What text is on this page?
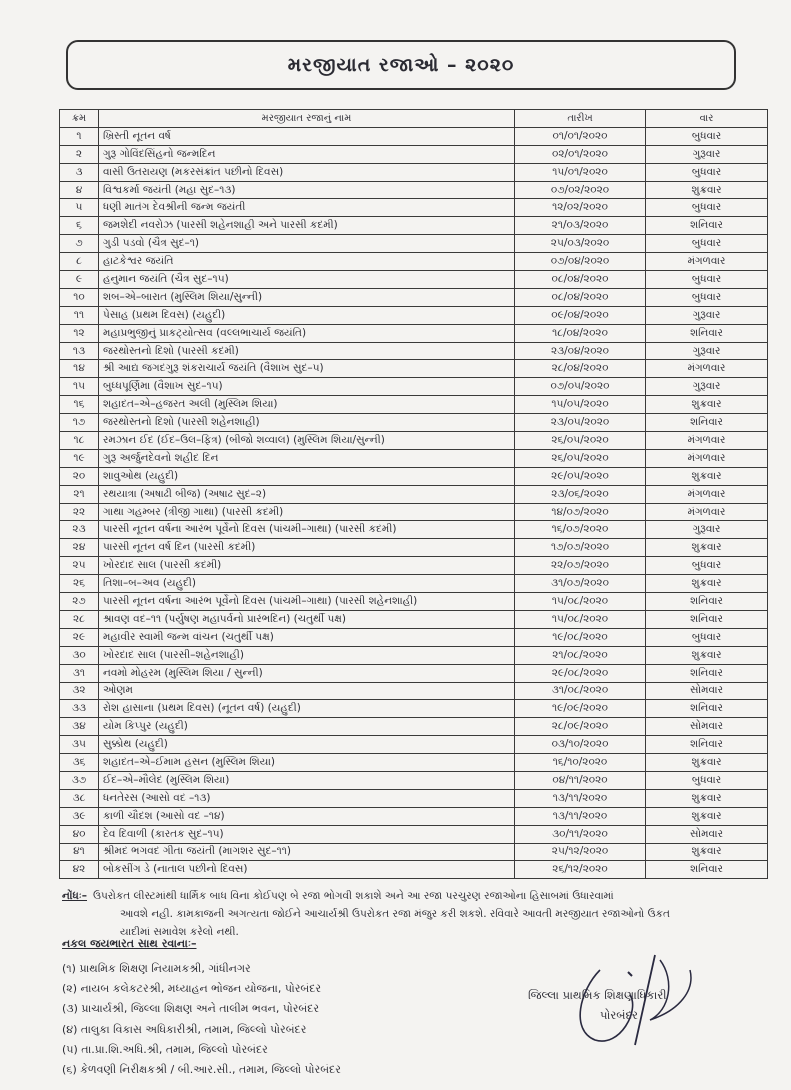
મરજીયાત રજાઓ – ૨૦૨૦
ક્રમ	મરજીયાત રજાનું નામ	તારીખ	વાર
૧	ખ્રિસ્તી નૂતન વર્ષ	૦૧/૦૧/૨૦૨૦	બુધવાર
૨	ગુરૂ ગોવિંદસિંહનો જન્મદિન	૦૨/૦૧/૨૦૨૦	ગુરૂવાર
૩	વાસી ઉતરાયણ (મકરસંક્રાંત પછીનો દિવસ)	૧૫/૦૧/૨૦૨૦	બુધવાર
૪	વિશ્વકર્મા જયંતી (મહા સુદ–૧૩)	૦૭/૦૨/૨૦૨૦	શુક્રવાર
૫	ધણી માતંગ દેવશ્રીની જન્મ જયંતી	૧૨/૦૨/૨૦૨૦	બુધવાર
૬	જમશેદી નવરોઝ (પારસી શહેનશાહી અને પારસી કદમી)	૨૧/૦૩/૨૦૨૦	શનિવાર
૭	ગુડી પડવો (ચૈત્ર સુદ–૧)	૨૫/૦૩/૨૦૨૦	બુધવાર
૮	હાટકેશ્વર જયંતિ	૦૭/૦૪/૨૦૨૦	મંગળવાર
૯	હનુમાન જયંતિ (ચૈત્ર સુદ–૧૫)	૦૮/૦૪/૨૦૨૦	બુધવાર
૧૦	શબ–એ–બારાત (મુસ્લિમ શિયા/સુન્ની)	૦૮/૦૪/૨૦૨૦	બુધવાર
૧૧	પેસાહ (પ્રથમ દિવસ) (યહુદી)	૦૯/૦૪/૨૦૨૦	ગુરૂવાર
૧૨	મહાપ્રભુજીનું પ્રાકટ્યોત્સવ (વલ્લભાચાર્ય જયંતિ)	૧૮/૦૪/૨૦૨૦	શનિવાર
૧૩	જરથોસ્તનો દિશો (પારસી કદમી)	૨૩/૦૪/૨૦૨૦	ગુરૂવાર
૧૪	શ્રી આદ્ય જગદગુરૂ શંકરાચાર્ય જયંતિ (વૈશાખ સુદ–૫)	૨૮/૦૪/૨૦૨૦	મંગળવાર
૧૫	બુધ્ધપૂર્ણિમા (વૈશાખ સુદ–૧૫)	૦૭/૦૫/૨૦૨૦	ગુરૂવાર
૧૬	શહાદત–એ–હજરત અલી (મુસ્લિમ શિયા)	૧૫/૦૫/૨૦૨૦	શુક્રવાર
૧૭	જરથોસ્તનો દિશો (પારસી શહેનશાહી)	૨૩/૦૫/૨૦૨૦	શનિવાર
૧૮	રમઝાન ઈદ (ઈદ–ઉલ–ફિત્ર) (બીજો શવ્વાલ) (મુસ્લિમ શિયા/સુન્ની)	૨૬/૦૫/૨૦૨૦	મંગળવાર
૧૯	ગુરૂ અર્જુનદેવનો શહીદ દિન	૨૬/૦૫/૨૦૨૦	મંગળવાર
૨૦	શાવુઓથ (યહુદી)	૨૯/૦૫/૨૦૨૦	શુક્રવાર
૨૧	રથયાત્રા (અષાઢી બીજ) (અષાઢ સુદ–૨)	૨૩/૦૬/૨૦૨૦	મંગળવાર
૨૨	ગાથા ગહમ્બર (ત્રીજી ગાથા) (પારસી કદમી)	૧૪/૦૭/૨૦૨૦	મંગળવાર
૨૩	પારસી નૂતન વર્ષના આરંભ પૂર્વેનો દિવસ (પાંચમી–ગાથા) (પારસી કદમી)	૧૬/૦૭/૨૦૨૦	ગુરૂવાર
૨૪	પારસી નૂતન વર્ષ દિન (પારસી કદમી)	૧૭/૦૭/૨૦૨૦	શુક્રવાર
૨૫	ખોરદાદ સાલ (પારસી કદમી)	૨૨/૦૭/૨૦૨૦	બુધવાર
૨૬	તિશા–બ–અવ (યહુદી)	૩૧/૦૭/૨૦૨૦	શુક્રવાર
૨૭	પારસી નૂતન વર્ષના આરંભ પૂર્વેનો દિવસ (પાંચમી–ગાથા) (પારસી શહેનશાહી)	૧૫/૦૮/૨૦૨૦	શનિવાર
૨૮	શ્રાવણ વદ–૧૧ (પર્યુષણ મહાપર્વનો પ્રારંભદિન) (ચતુર્થી પક્ષ)	૧૫/૦૮/૨૦૨૦	શનિવાર
૨૯	મહાવીર સ્વામી જન્મ વાંચન (ચતુર્થી પક્ષ)	૧૯/૦૮/૨૦૨૦	બુધવાર
૩૦	ખોરદાદ સાલ (પારસી–શહેનશાહી)	૨૧/૦૮/૨૦૨૦	શુક્રવાર
૩૧	નવમો મોહરમ (મુસ્લિમ શિયા / સુન્ની)	૨૯/૦૮/૨૦૨૦	શનિવાર
૩૨	ઓણમ	૩૧/૦૮/૨૦૨૦	સોમવાર
૩૩	રોશ હાસાના (પ્રથમ દિવસ) (નૂતન વર્ષ) (યહુદી)	૧૯/૦૯/૨૦૨૦	શનિવાર
૩૪	યોમ કિપ્પુર (યહુદી)	૨૮/૦૯/૨૦૨૦	સોમવાર
૩૫	સુક્કોથ (યહુદી)	૦૩/૧૦/૨૦૨૦	શનિવાર
૩૬	શહાદત–એ–ઈમામ હસન (મુસ્લિમ શિયા)	૧૬/૧૦/૨૦૨૦	શુક્રવાર
૩૭	ઈદ–એ–મૌલેદ (મુસ્લિમ શિયા)	૦૪/૧૧/૨૦૨૦	બુધવાર
૩૮	ધનતેરસ (આસો વદ –૧૩)	૧૩/૧૧/૨૦૨૦	શુક્રવાર
૩૯	કાળી ચૌદશ (આસો વદ –૧૪)	૧૩/૧૧/૨૦૨૦	શુક્રવાર
૪૦	દેવ દિવાળી (કારતક સુદ–૧૫)	૩૦/૧૧/૨૦૨૦	સોમવાર
૪૧	શ્રીમદ ભગવદ ગીતા જયંતી (માગશર સુદ–૧૧)	૨૫/૧૨/૨૦૨૦	શુક્રવાર
૪૨	બોકસીંગ ડે (નાતાલ પછીનો દિવસ)	૨૬/૧૨/૨૦૨૦	શનિવાર
નોંધઃ– ઉપરોકત લીસ્ટમાંથી ધાર્મિક બાધ વિના કોઈપણ બે રજા ભોગવી શકાશે અને આ રજા પરચુરણ રજાઓના હિસાબમાં ઉધારવામાં
આવશે નહી. કામકાજની અગત્યતા જોઈને આચાર્યશ્રી ઉપરોકત રજા મંજુર કરી શકશે. રવિવારે આવતી મરજીયાત રજાઓનો ઉકત
યાદીમાં સમાવેશ કરેલો નથી.
નકલ જયભારત સાથ રવાનાઃ–
(૧) પ્રાથમિક શિક્ષણ નિયામકશ્રી, ગાંધીનગર
(૨) નાયબ કલેકટરશ્રી, મધ્યાહન ભોજન યોજના, પોરબંદર
(૩) પ્રાચાર્યશ્રી, જિલ્લા શિક્ષણ અને તાલીમ ભવન, પોરબંદર
(૪) તાલુકા વિકાસ અધિકારીશ્રી, તમામ, જિલ્લો પોરબંદર
(૫) તા.પ્રા.શિ.અધિ.શ્રી, તમામ, જિલ્લો પોરબંદર
(૬) કેળવણી નિરીક્ષકશ્રી / બી.આર.સી., તમામ, જિલ્લો પોરબંદર
જિલ્લા પ્રાથમિક શિક્ષણાધિકારી
પોરબંદર
